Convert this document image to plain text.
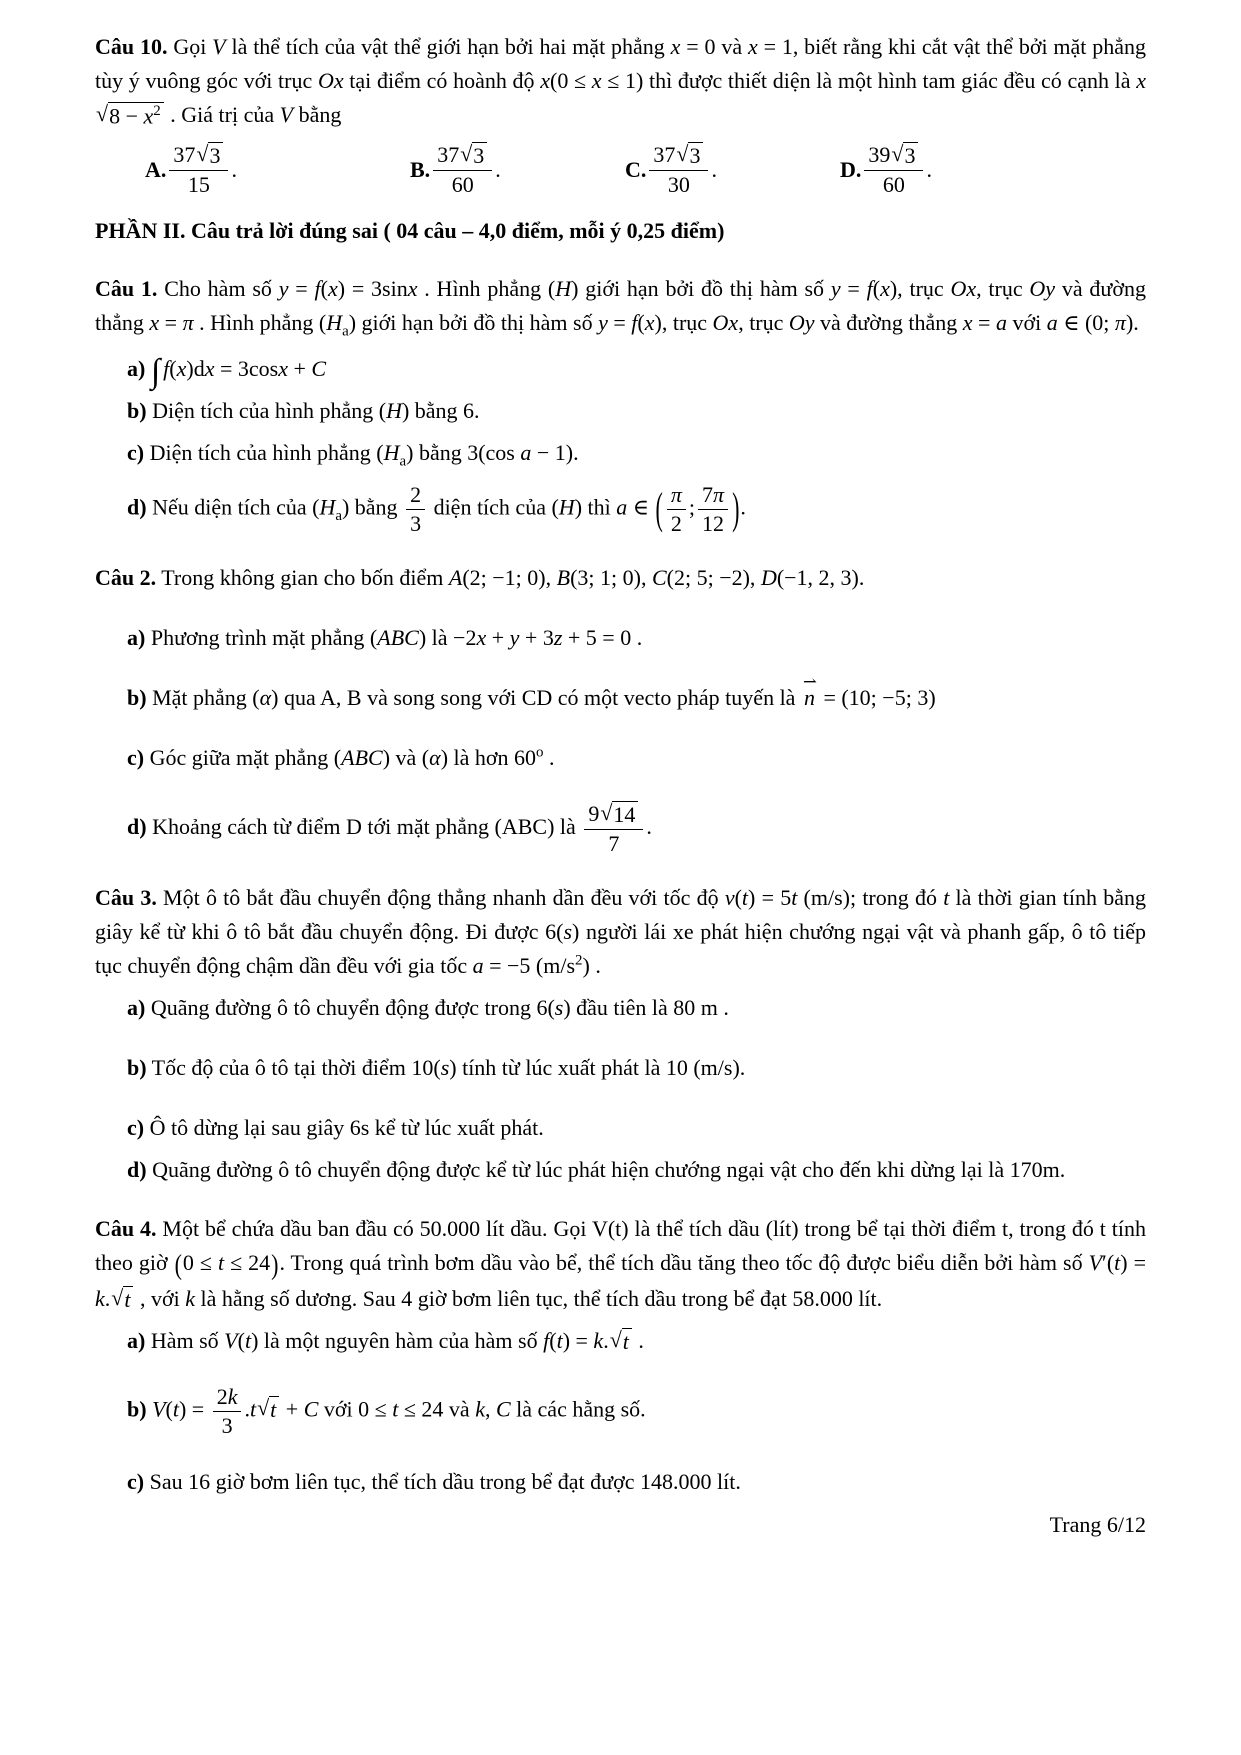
Câu 10. Gọi V là thể tích của vật thể giới hạn bởi hai mặt phẳng x = 0 và x = 1, biết rằng khi cắt vật thể bởi mặt phẳng tùy ý vuông góc với trục Ox tại điểm có hoành độ x(0 ≤ x ≤ 1) thì được thiết diện là một hình tam giác đều có cạnh là x
√ $8 - x^2$ . Giá trị của V bằng
A. $\frac{37 √ 3}{15}$ .	B. $\frac{37 √ 3}{60}$ .	C. $\frac{37 √ 3}{30}$ .	D. $\frac{39 √ 3}{60}$ .
PHẦN II. Câu trả lời đúng sai ( 04 câu – 4,0 điểm, mỗi ý 0,25 điểm)
Câu 1. Cho hàm số y = f(x) = 3sinx . Hình phẳng (H) giới hạn bởi đồ thị hàm số y = f(x), trục Ox, trục Oy và đường thẳng x = π . Hình phẳng $(H_a)$ giới hạn bởi đồ thị hàm số y = f(x), trục Ox, trục Oy và đường thẳng x = a với a ∈ (0; π).
a) ∫ f(x)dx = 3cosx + C
b) Diện tích của hình phẳng (H) bằng 6.
c) Diện tích của hình phẳng $(H_a)$ bằng 3(cos a − 1).
d) Nếu diện tích của $(H_a)$ bằng $\frac{2}{3}$ diện tích của (H) thì a ∈ ( $\frac{\pi}{2}$ ; $\frac{7\pi}{12}$ ).
Câu 2. Trong không gian cho bốn điểm A(2; −1; 0), B(3; 1; 0), C(2; 5; −2), D(−1, 2, 3).
a) Phương trình mặt phẳng (ABC) là −2x + y + 3z + 5 = 0 .
b) Mặt phẳng (α) qua A, B và song song với CD có một vecto pháp tuyến là ⇀ n = (10; −5; 3)
c) Góc giữa mặt phẳng (ABC) và (α) là hơn 60$^o$ .
d) Khoảng cách từ điểm D tới mặt phẳng (ABC) là $\frac{9 √ 14}{7}$ .
Câu 3. Một ô tô bắt đầu chuyển động thẳng nhanh dần đều với tốc độ v(t) = 5t (m/s); trong đó t là thời gian tính bằng giây kể từ khi ô tô bắt đầu chuyển động. Đi được 6(s) người lái xe phát hiện chướng ngại vật và phanh gấp, ô tô tiếp tục chuyển động chậm dần đều với gia tốc a = −5 $(m/s^2)$ .
a) Quãng đường ô tô chuyển động được trong 6(s) đầu tiên là 80 m .
b) Tốc độ của ô tô tại thời điểm 10(s) tính từ lúc xuất phát là 10 (m/s).
c) Ô tô dừng lại sau giây 6s kể từ lúc xuất phát.
d) Quãng đường ô tô chuyển động được kể từ lúc phát hiện chướng ngại vật cho đến khi dừng lại là 170m.
Câu 4. Một bể chứa dầu ban đầu có 50.000 lít dầu. Gọi V(t) là thể tích dầu (lít) trong bể tại thời điểm t, trong đó t tính theo giờ (0 ≤ t ≤ 24). Trong quá trình bơm dầu vào bể, thể tích dầu tăng theo tốc độ được biểu diễn bởi hàm số V′(t) = k. √ t , với k là hằng số dương. Sau 4 giờ bơm liên tục, thể tích dầu trong bể đạt 58.000 lít.
a) Hàm số V(t) là một nguyên hàm của hàm số f(t) = k. √ t .
b) $V(t) = \frac{2k}{3} .t$ √ t + C với 0 ≤ t ≤ 24 và k, C là các hằng số.
c) Sau 16 giờ bơm liên tục, thể tích dầu trong bể đạt được 148.000 lít.
Trang 6/12
